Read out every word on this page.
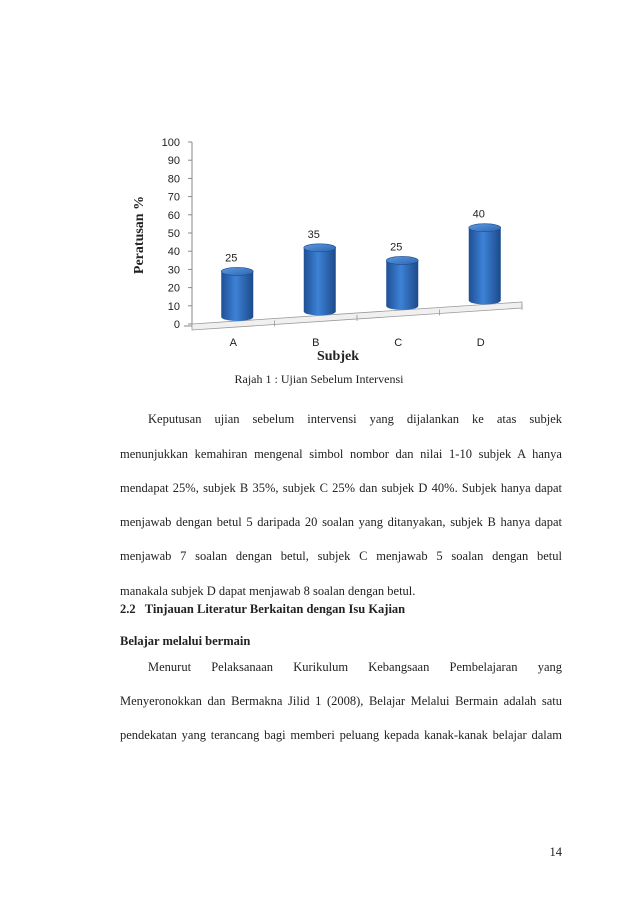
0
10
20
30
40
50
60
70
80
90
100
25
35
25
40
A	B	C	D
Peratusan %
Subjek
Rajah 1 : Ujian Sebelum Intervensi
Keputusan ujian sebelum intervensi yang dijalankan ke atas subjek
menunjukkan kemahiran mengenal simbol nombor dan nilai 1-10 subjek A hanya
mendapat 25%, subjek B 35%, subjek C 25% dan subjek D 40%. Subjek hanya dapat
menjawab dengan betul 5 daripada 20 soalan yang ditanyakan, subjek B hanya dapat
menjawab 7 soalan dengan betul, subjek C menjawab 5 soalan dengan betul
manakala subjek D dapat menjawab 8 soalan dengan betul.
2.2   Tinjauan Literatur Berkaitan dengan Isu Kajian
Belajar melalui bermain
Menurut Pelaksanaan Kurikulum Kebangsaan Pembelajaran yang
Menyeronokkan dan Bermakna Jilid 1 (2008), Belajar Melalui Bermain adalah satu
pendekatan yang terancang bagi memberi peluang kepada kanak-kanak belajar dalam
14
